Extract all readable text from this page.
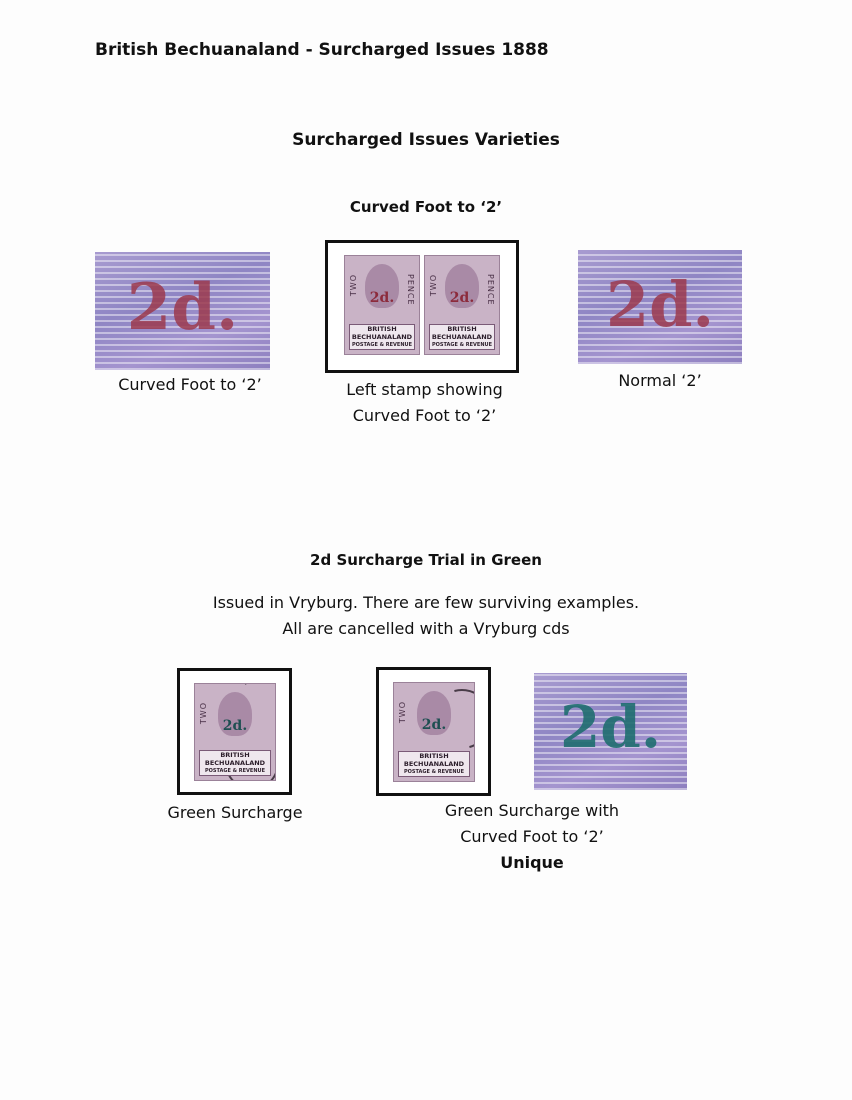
British Bechuanaland - Surcharged Issues 1888
Surcharged Issues Varieties
Curved Foot to ‘2’
2d.
Curved Foot to ‘2’
TWO	PENCE
2d.
BRITISH
BECHUANALAND
POSTAGE & REVENUE
TWO	PENCE
2d.
BRITISH
BECHUANALAND
POSTAGE & REVENUE
Left stamp showing
Curved Foot to ‘2’
2d.
Normal ‘2’
2d Surcharge Trial in Green
Issued in Vryburg. There are few surviving examples.
All are cancelled with a Vryburg cds
TWO
2d.
BRITISH
BECHUANALAND
POSTAGE & REVENUE
Green Surcharge
TWO
2d.
BRITISH
BECHUANALAND
POSTAGE & REVENUE
2d.
Green Surcharge with
Curved Foot to ‘2’
Unique
